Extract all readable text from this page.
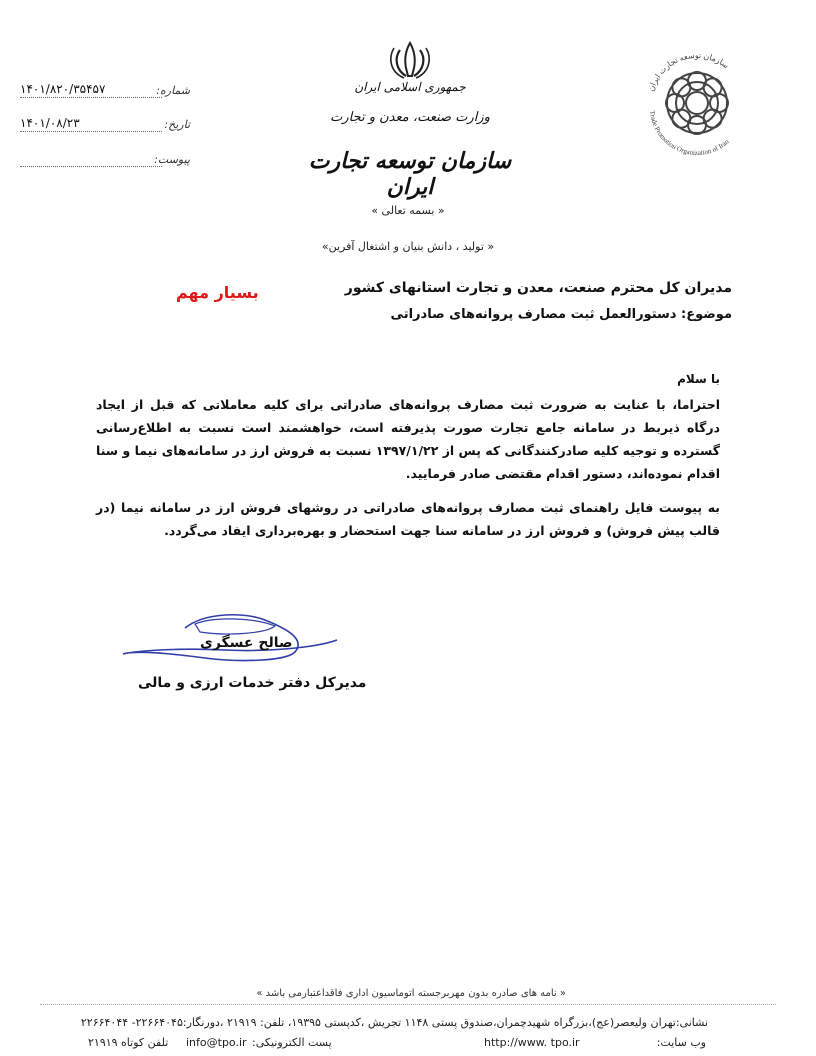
شماره:
۱۴۰۱/۸۲۰/۳۵۴۵۷
تاریخ:
۱۴۰۱/۰۸/۲۳
پیوست:
جمهوری اسلامی ایران
وزارت صنعت، معدن و تجارت
سازمان توسعه تجارت ایران
سازمان توسعه تجارت ایران
Trade Promotion Organization of Iran
« بسمه تعالی »
« تولید ، دانش بنیان و اشتغال آفرین»
مدیران کل محترم صنعت، معدن و تجارت استانهای کشور
موضوع: دستورالعمل ثبت مصارف پروانه‌های صادراتی
بسیار مهم
با سلام
احتراما، با عنایت به ضرورت ثبت مصارف پروانه‌های صادراتی برای کلیه معاملاتی که قبل از ایجاد درگاه ذیربط در سامانه جامع تجارت صورت پذیرفته است، خواهشمند است نسبت به اطلاع‌رسانی گسترده و توجیه کلیه صادرکنندگانی که پس از ۱۳۹۷/۱/۲۲ نسبت به فروش ارز در سامانه‌های نیما و سنا اقدام نموده‌اند، دستور اقدام مقتضی صادر فرمایید.
به پیوست فایل راهنمای ثبت مصارف پروانه‌های صادراتی در روشهای فروش ارز در سامانه نیما (در قالب پیش فروش) و فروش ارز در سامانه سنا جهت استحضار و بهره‌برداری ایفاد می‌گردد.
صالح عسگری
مدیرکل دفتر خدمات ارزی و مالی
« نامه های صادره بدون مهربرجسته اتوماسیون اداری فاقداعتبارمی باشد »
نشانی:تهران ولیعصر(عج)،بزرگراه شهیدچمران،صندوق پستی ۱۱۴۸ تجریش ،کدپستی ۱۹۳۹۵، تلفن: ۲۱۹۱۹ ،دورنگار:۲۲۶۶۴۰۴۵- ۲۲۶۶۴۰۴۴
وب سایت:
http://www. tpo.ir
پست الکترونیکی:
info@tpo.ir
تلفن کوتاه ۲۱۹۱۹
